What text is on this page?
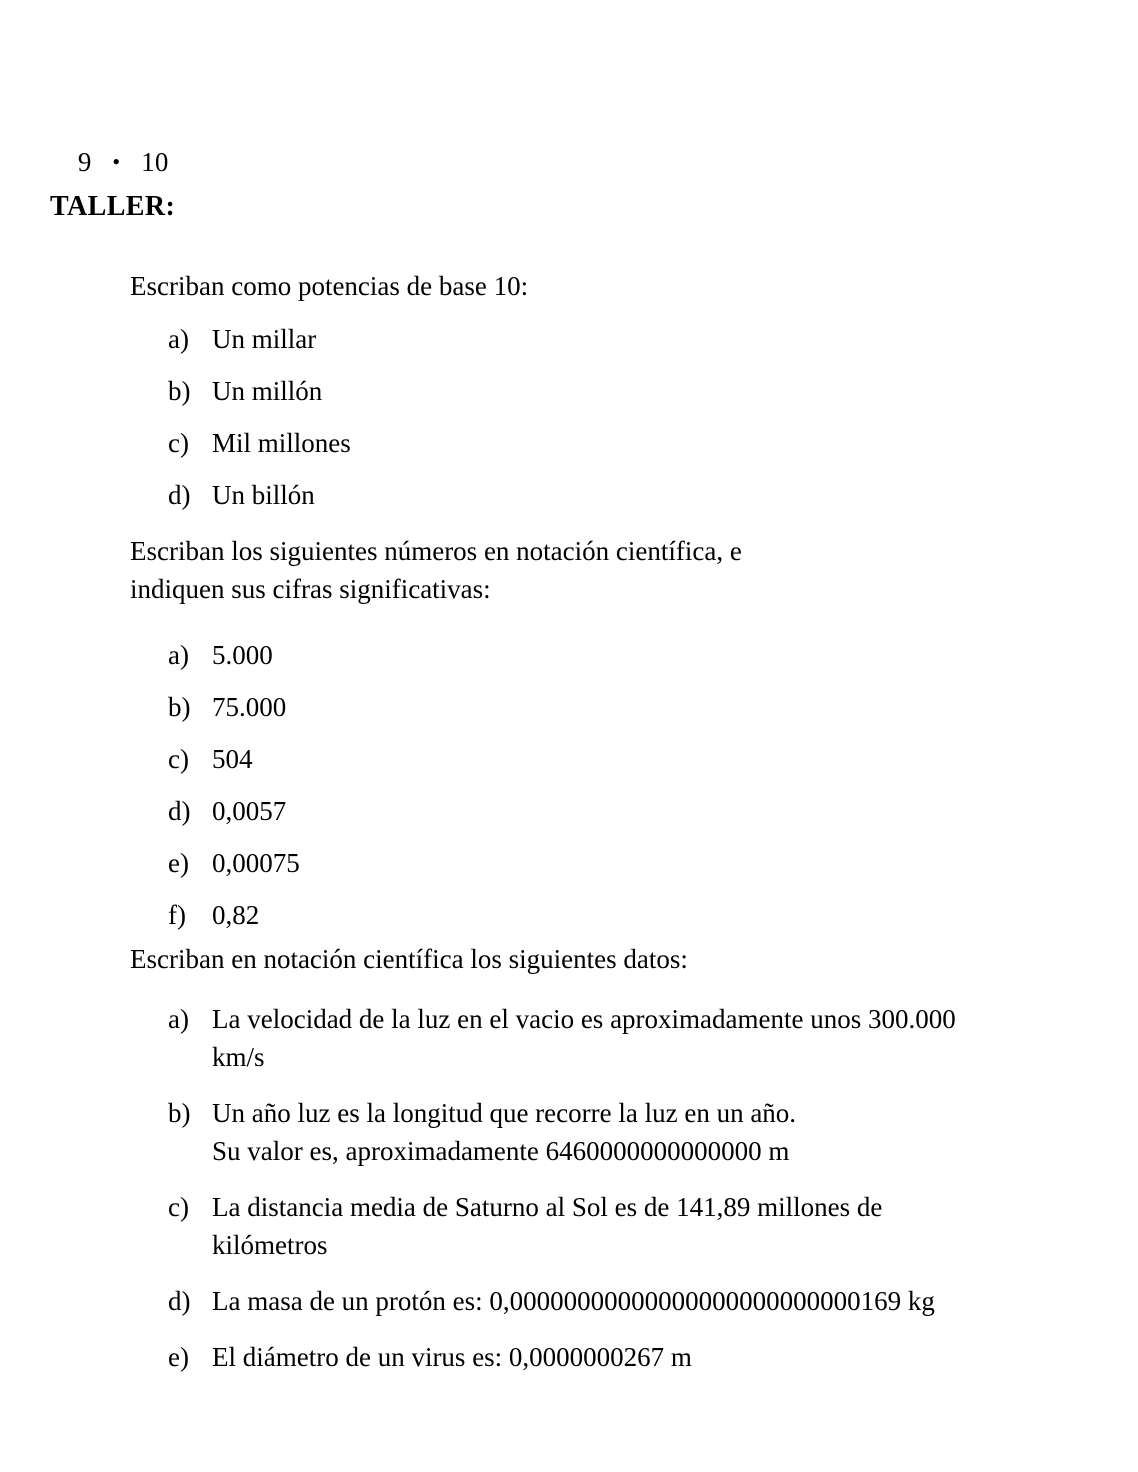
9 • 10

TALLER:
Escriban como potencias de base 10:
a) Un millar
b) Un millón
c) Mil millones
d) Un billón
Escriban los siguientes números en notación científica, e
indiquen sus cifras significativas:
a) 5.000
b) 75.000
c) 504
d) 0,0057
e) 0,00075
f) 0,82
Escriban en notación científica los siguientes datos:
a) La velocidad de la luz en el vacio es aproximadamente unos 300.000
km/s
b) Un año luz es la longitud que recorre la luz en un año.
Su valor es, aproximadamente 6460000000000000 m
c) La distancia media de Saturno al Sol es de 141,89 millones de
kilómetros
d) La masa de un protón es: 0,00000000000000000000000000169 kg
e) El diámetro de un virus es: 0,0000000267 m
